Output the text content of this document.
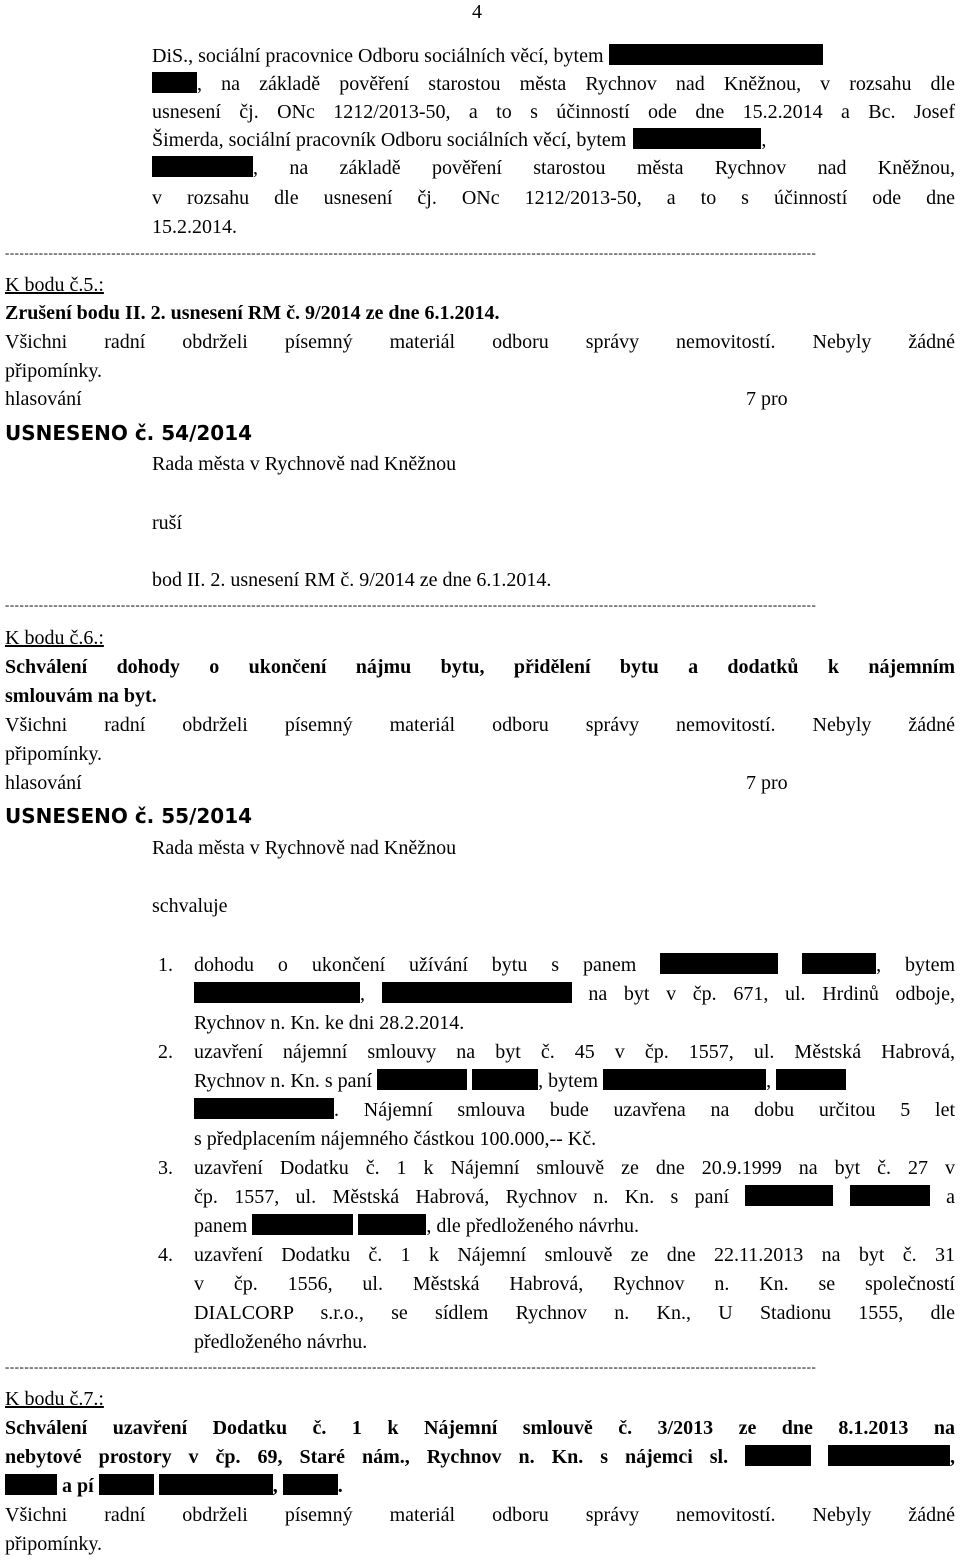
4
DiS., sociální pracovnice Odboru sociálních věcí, bytem
, na základě pověření starostou města Rychnov nad Kněžnou, v rozsahu dle
usnesení čj. ONc 1212/2013-50, a to s účinností ode dne 15.2.2014 a Bc. Josef
Šimerda, sociální pracovník Odboru sociálních věcí, bytem	,
, na základě pověření starostou města Rychnov nad Kněžnou,
v rozsahu dle usnesení čj. ONc 1212/2013-50, a to s účinností ode dne
15.2.2014.
------------------------------------------------------------------------------------------------------------------------------------------------------------------------
K bodu č.5.:
Zrušení bodu II. 2. usnesení RM č. 9/2014 ze dne 6.1.2014.
Všichni radní obdrželi písemný materiál odboru správy nemovitostí. Nebyly žádné
připomínky.
hlasování	7 pro
USNESENO č. 54/2014
Rada města v Rychnově nad Kněžnou
ruší
bod II. 2. usnesení RM č. 9/2014 ze dne 6.1.2014.
------------------------------------------------------------------------------------------------------------------------------------------------------------------------
K bodu č.6.:
Schválení dohody o ukončení nájmu bytu, přidělení bytu a dodatků k nájemním
smlouvám na byt.
Všichni radní obdrželi písemný materiál odboru správy nemovitostí. Nebyly žádné
připomínky.
hlasování	7 pro
USNESENO č. 55/2014
Rada města v Rychnově nad Kněžnou
schvaluje
1. dohodu o ukončení užívání bytu s panem	, bytem
,	na byt v čp. 671, ul. Hrdinů odboje,
Rychnov n. Kn. ke dni 28.2.2014.
2. uzavření nájemní smlouvy na byt č. 45 v čp. 1557, ul. Městská Habrová,
Rychnov n. Kn. s paní	, bytem	,
. Nájemní smlouva bude uzavřena na dobu určitou 5 let
s předplacením nájemného částkou 100.000,-- Kč.
3. uzavření Dodatku č. 1 k Nájemní smlouvě ze dne 20.9.1999 na byt č. 27 v
čp. 1557, ul. Městská Habrová, Rychnov n. Kn. s paní	a
panem	, dle předloženého návrhu.
4. uzavření Dodatku č. 1 k Nájemní smlouvě ze dne 22.11.2013 na byt č. 31
v čp. 1556, ul. Městská Habrová, Rychnov n. Kn. se společností
DIALCORP s.r.o., se sídlem Rychnov n. Kn., U Stadionu 1555, dle
předloženého návrhu.
------------------------------------------------------------------------------------------------------------------------------------------------------------------------
K bodu č.7.:
Schválení uzavření Dodatku č. 1 k Nájemní smlouvě č. 3/2013 ze dne 8.1.2013 na
nebytové prostory v čp. 69, Staré nám., Rychnov n. Kn. s nájemci sl.	,
a pí	,	.
Všichni radní obdrželi písemný materiál odboru správy nemovitostí. Nebyly žádné
připomínky.
